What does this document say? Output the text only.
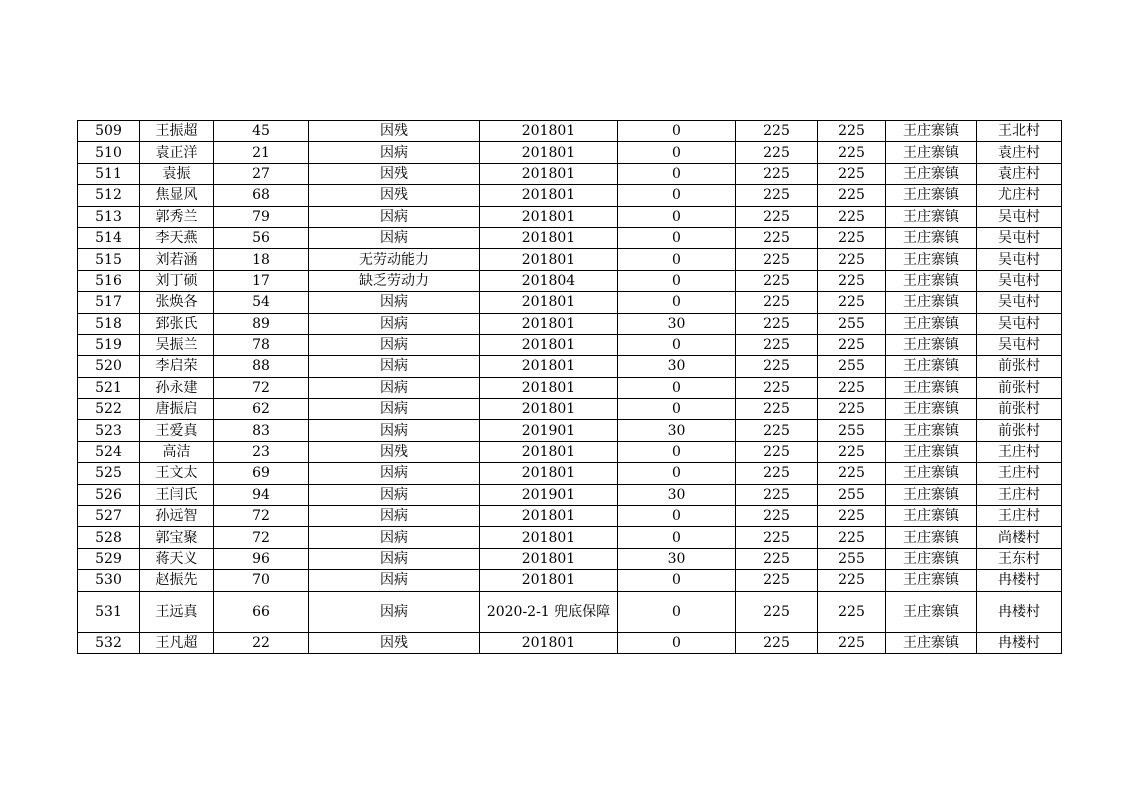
509	王振超	45	因残	201801	0	225	225	王庄寨镇	王北村
510	袁正洋	21	因病	201801	0	225	225	王庄寨镇	袁庄村
511	袁振	27	因残	201801	0	225	225	王庄寨镇	袁庄村
512	焦显风	68	因残	201801	0	225	225	王庄寨镇	尤庄村
513	郭秀兰	79	因病	201801	0	225	225	王庄寨镇	吴屯村
514	李天燕	56	因病	201801	0	225	225	王庄寨镇	吴屯村
515	刘若涵	18	无劳动能力	201801	0	225	225	王庄寨镇	吴屯村
516	刘丁硕	17	缺乏劳动力	201804	0	225	225	王庄寨镇	吴屯村
517	张焕各	54	因病	201801	0	225	225	王庄寨镇	吴屯村
518	郅张氏	89	因病	201801	30	225	255	王庄寨镇	吴屯村
519	吴振兰	78	因病	201801	0	225	225	王庄寨镇	吴屯村
520	李启荣	88	因病	201801	30	225	255	王庄寨镇	前张村
521	孙永建	72	因病	201801	0	225	225	王庄寨镇	前张村
522	唐振启	62	因病	201801	0	225	225	王庄寨镇	前张村
523	王爱真	83	因病	201901	30	225	255	王庄寨镇	前张村
524	高洁	23	因残	201801	0	225	225	王庄寨镇	王庄村
525	王文太	69	因病	201801	0	225	225	王庄寨镇	王庄村
526	王闫氏	94	因病	201901	30	225	255	王庄寨镇	王庄村
527	孙远智	72	因病	201801	0	225	225	王庄寨镇	王庄村
528	郭宝聚	72	因病	201801	0	225	225	王庄寨镇	尚楼村
529	蒋天义	96	因病	201801	30	225	255	王庄寨镇	王东村
530	赵振先	70	因病	201801	0	225	225	王庄寨镇	冉楼村
531	王远真	66	因病	2020-2-1 兜底保障	0	225	225	王庄寨镇	冉楼村
532	王凡超	22	因残	201801	0	225	225	王庄寨镇	冉楼村
